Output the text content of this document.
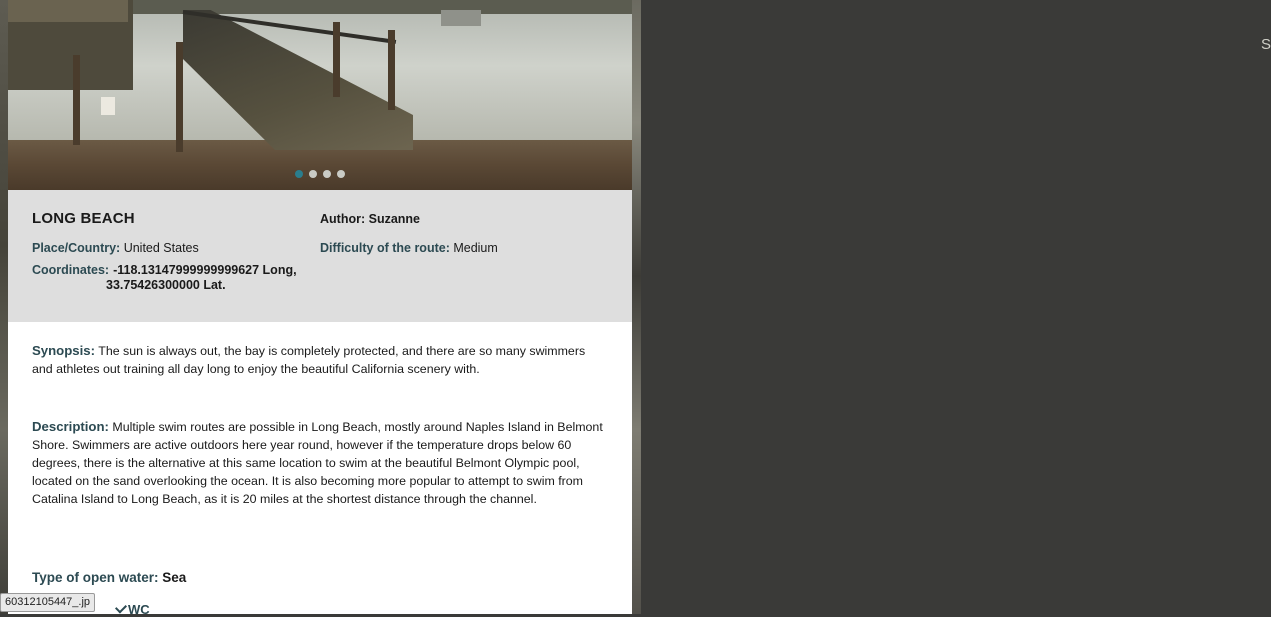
S
LONG BEACH
Place/Country: United States
Coordinates: -118.13147999999999627 Long,
33.75426300000 Lat.
Author: Suzanne
Difficulty of the route: Medium

Synopsis: The sun is always out, the bay is completely protected, and there are so many swimmers and athletes out training all day long to enjoy the beautiful California scenery with.

Description: Multiple swim routes are possible in Long Beach, mostly around Naples Island in Belmont Shore. Swimmers are active outdoors here year round, however if the temperature drops below 60 degrees, there is the alternative at this same location to swim at the beautiful Belmont Olympic pool, located on the sand overlooking the ocean. It is also becoming more popular to attempt to swim from Catalina Island to Long Beach, as it is 20 miles at the shortest distance through the channel.

Type of open water: Sea
WC
60312105447_.jp
